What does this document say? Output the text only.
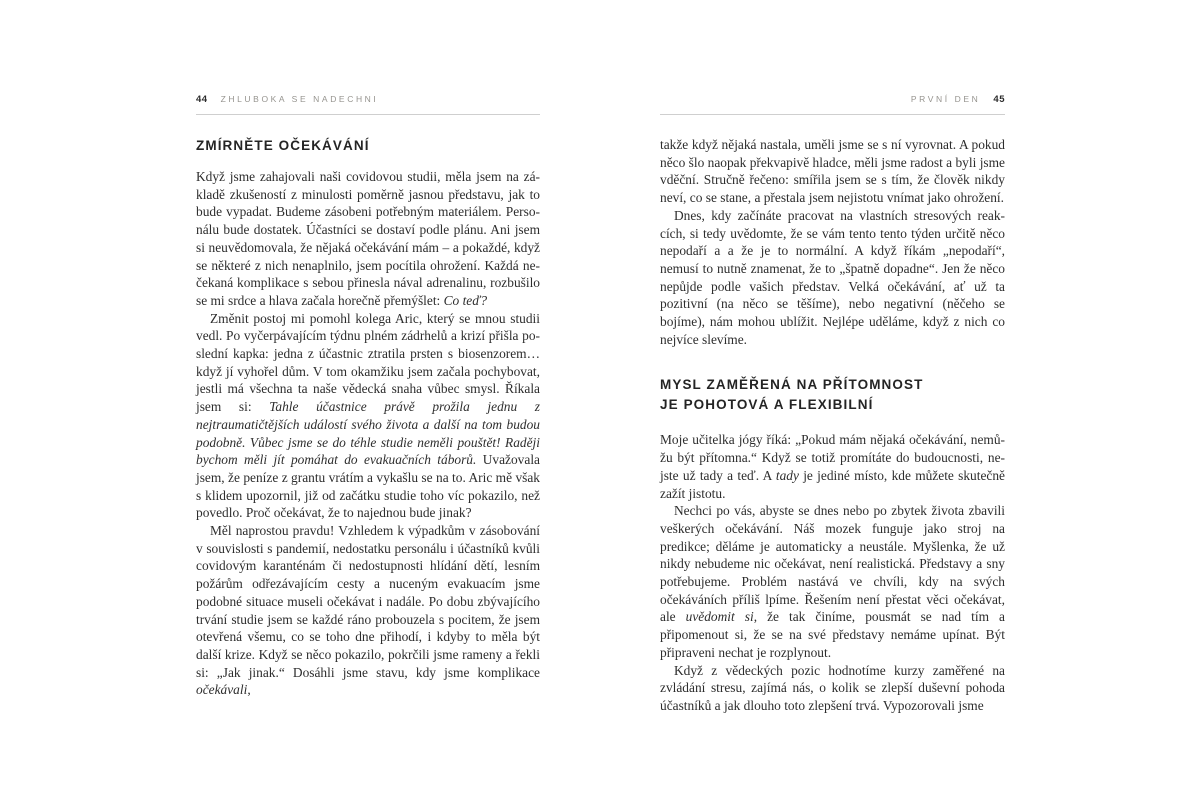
44 ZHLUBOKA SE NADECHNI
ZMÍRNĚTE OČEKÁVÁNÍ

Když jsme zahajovali naši covidovou studii, měla jsem na základě zkušeností z minulosti poměrně jasnou představu, jak to bude vypadat. Budeme zásobeni potřebným materiálem. Personálu bude dostatek. Účastníci se dostaví podle plánu. Ani jsem si neuvědomovala, že nějaká očekávání mám – a pokaždé, když se některé z nich nenaplnilo, jsem pocítila ohrožení. Každá nečekaná komplikace s sebou přinesla nával adrenalinu, rozbušilo se mi srdce a hlava začala horečně přemýšlet: Co teď?

Změnit postoj mi pomohl kolega Aric, který se mnou studii vedl. Po vyčerpávajícím týdnu plném zádrhelů a krizí přišla poslední kapka: jedna z účastnic ztratila prsten s biosenzorem… když jí vyhořel dům. V tom okamžiku jsem začala pochybovat, jestli má všechna ta naše vědecká snaha vůbec smysl. Říkala jsem si: Tahle účastnice právě prožila jednu z nejtraumatičtějších událostí svého života a další na tom budou podobně. Vůbec jsme se do téhle studie neměli pouštět! Raději bychom měli jít pomáhat do evakuačních táborů. Uvažovala jsem, že peníze z grantu vrátím a vykašlu se na to. Aric mě však s klidem upozornil, již od začátku studie toho víc pokazilo, než povedlo. Proč očekávat, že to najednou bude jinak?

Měl naprostou pravdu! Vzhledem k výpadkům v zásobování v souvislosti s pandemií, nedostatku personálu i účastníků kvůli covidovým karanténám či nedostupnosti hlídání dětí, lesním požárům odřezávajícím cesty a nuceným evakuacím jsme podobné situace museli očekávat i nadále. Po dobu zbývajícího trvání studie jsem se každé ráno probouzela s pocitem, že jsem otevřená všemu, co se toho dne přihodí, i kdyby to měla být další krize. Když se něco pokazilo, pokrčili jsme rameny a řekli si: „Jak jinak.“ Dosáhli jsme stavu, kdy jsme komplikace očekávali,

PRVNÍ DEN 45

takže když nějaká nastala, uměli jsme se s ní vyrovnat. A pokud něco šlo naopak překvapivě hladce, měli jsme radost a byli jsme vděční. Stručně řečeno: smířila jsem se s tím, že člověk nikdy neví, co se stane, a přestala jsem nejistotu vnímat jako ohrožení.

Dnes, kdy začínáte pracovat na vlastních stresových reakcích, si tedy uvědomte, že se vám tento tento týden určitě něco nepodaří a a že je to normální. A když říkám „nepodaří“, nemusí to nutně znamenat, že to „špatně dopadne“. Jen že něco nepůjde podle vašich představ. Velká očekávání, ať už ta pozitivní (na něco se těšíme), nebo negativní (něčeho se bojíme), nám mohou ublížit. Nejlépe uděláme, když z nich co nejvíce slevíme.

MYSL ZAMĚŘENÁ NA PŘÍTOMNOST
JE POHOTOVÁ A FLEXIBILNÍ

Moje učitelka jógy říká: „Pokud mám nějaká očekávání, nemůžu být přítomna.“ Když se totiž promítáte do budoucnosti, nejste už tady a teď. A tady je jediné místo, kde můžete skutečně zažít jistotu.

Nechci po vás, abyste se dnes nebo po zbytek života zbavili veškerých očekávání. Náš mozek funguje jako stroj na predikce; děláme je automaticky a neustále. Myšlenka, že už nikdy nebudeme nic očekávat, není realistická. Představy a sny potřebujeme. Problém nastává ve chvíli, kdy na svých očekáváních příliš lpíme. Řešením není přestat věci očekávat, ale uvědomit si, že tak činíme, pousmát se nad tím a připomenout si, že se na své představy nemáme upínat. Být připraveni nechat je rozplynout.

Když z vědeckých pozic hodnotíme kurzy zaměřené na zvládání stresu, zajímá nás, o kolik se zlepší duševní pohoda účastníků a jak dlouho toto zlepšení trvá. Vypozorovali jsme
